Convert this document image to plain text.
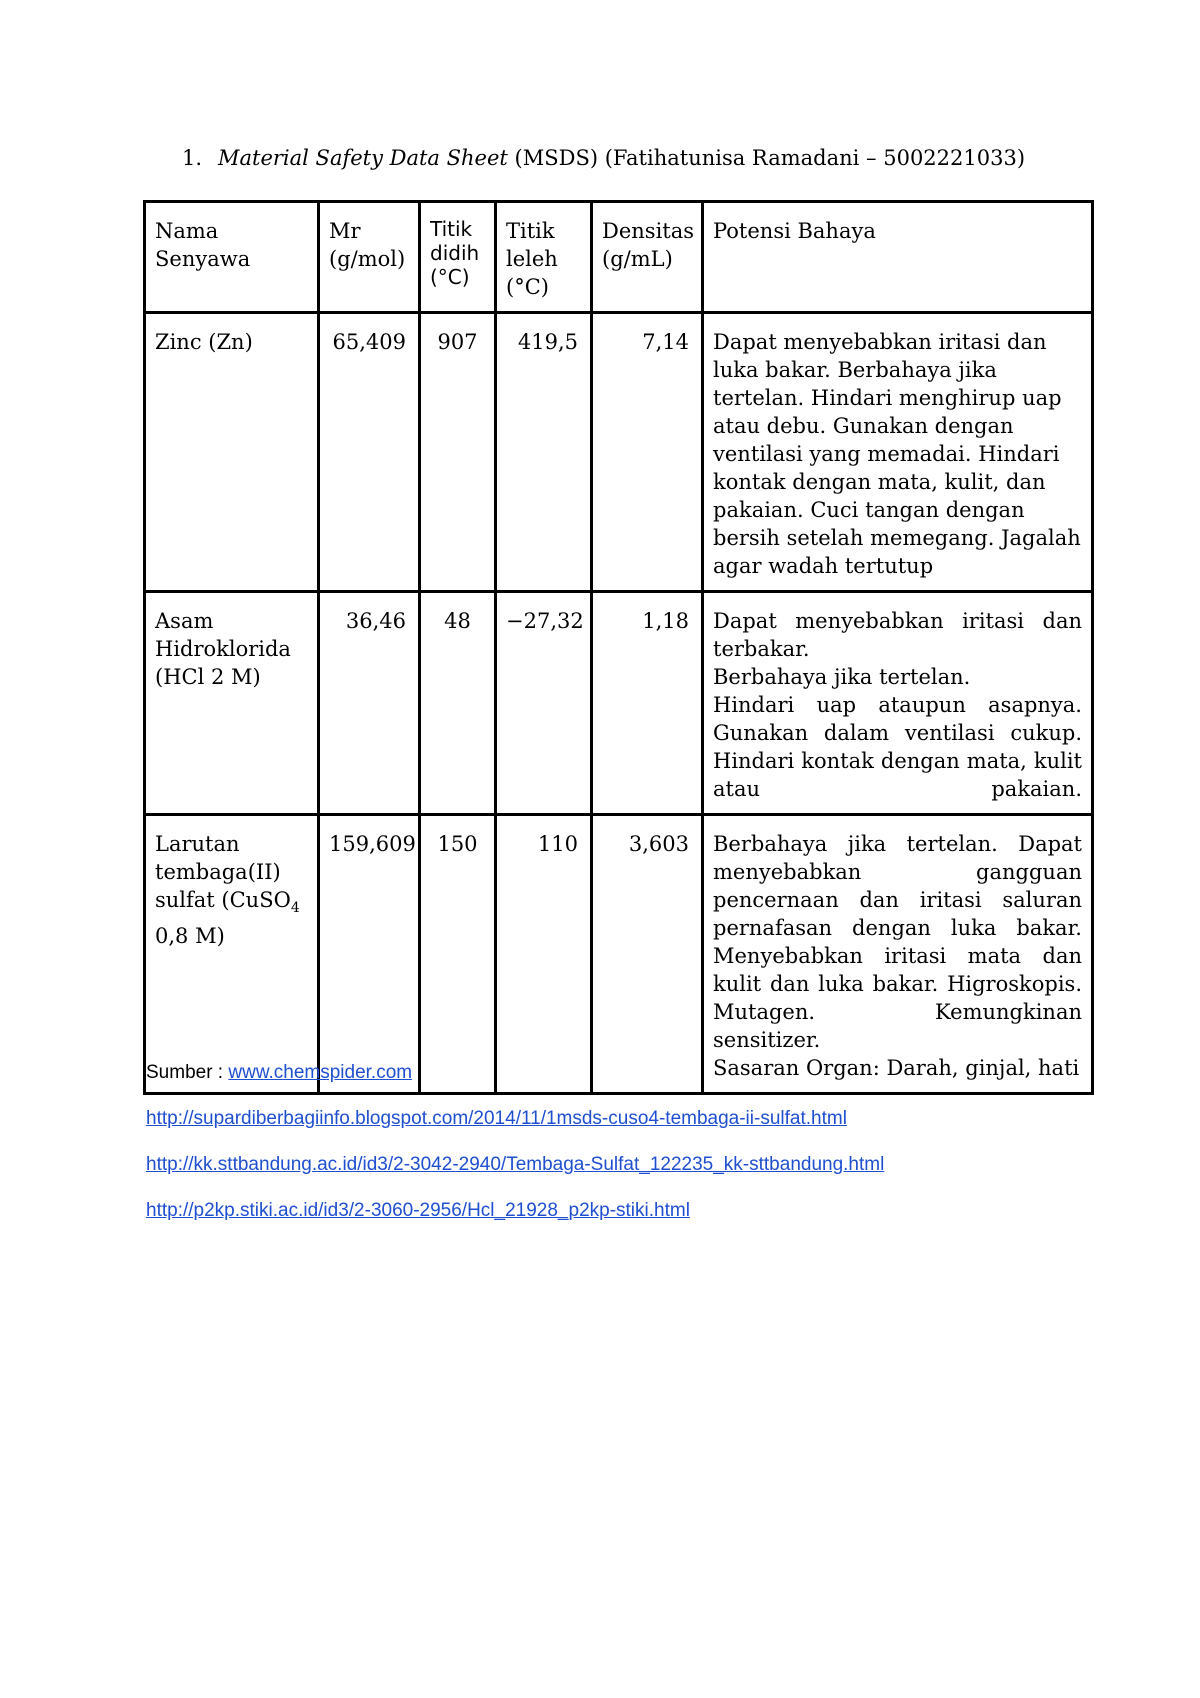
1. Material Safety Data Sheet (MSDS) (Fatihatunisa Ramadani – 5002221033)
Nama Senyawa	Mr (g/mol)	Titik didih (°C)	Titik leleh (°C)	Densitas (g/mL)	Potensi Bahaya
Zinc (Zn)	65,409	907	419,5	7,14	Dapat menyebabkan iritasi dan luka bakar. Berbahaya jika tertelan. Hindari menghirup uap atau debu. Gunakan dengan ventilasi yang memadai. Hindari kontak dengan mata, kulit, dan pakaian. Cuci tangan dengan bersih setelah memegang. Jagalah agar wadah tertutup
Asam Hidroklorida (HCl 2 M)	36,46	48	−27,32	1,18	Dapat menyebabkan iritasi dan terbakar.
Berbahaya jika tertelan.
Hindari uap ataupun asapnya. Gunakan dalam ventilasi cukup.
Hindari kontak dengan mata, kulit atau pakaian.

Larutan tembaga(II) sulfat (CuSO$_4$ 0,8 M)	159,609	150	110	3,603	Berbahaya jika tertelan. Dapat menyebabkan gangguan pencernaan dan iritasi saluran pernafasan dengan luka bakar. Menyebabkan iritasi mata dan kulit dan luka bakar. Higroskopis. Mutagen. Kemungkinan sensitizer.
Sasaran Organ: Darah, ginjal, hati
Sumber : www.chemspider.com
http://supardiberbagiinfo.blogspot.com/2014/11/1msds-cuso4-tembaga-ii-sulfat.html
http://kk.sttbandung.ac.id/id3/2-3042-2940/Tembaga-Sulfat_122235_kk-sttbandung.html
http://p2kp.stiki.ac.id/id3/2-3060-2956/Hcl_21928_p2kp-stiki.html
